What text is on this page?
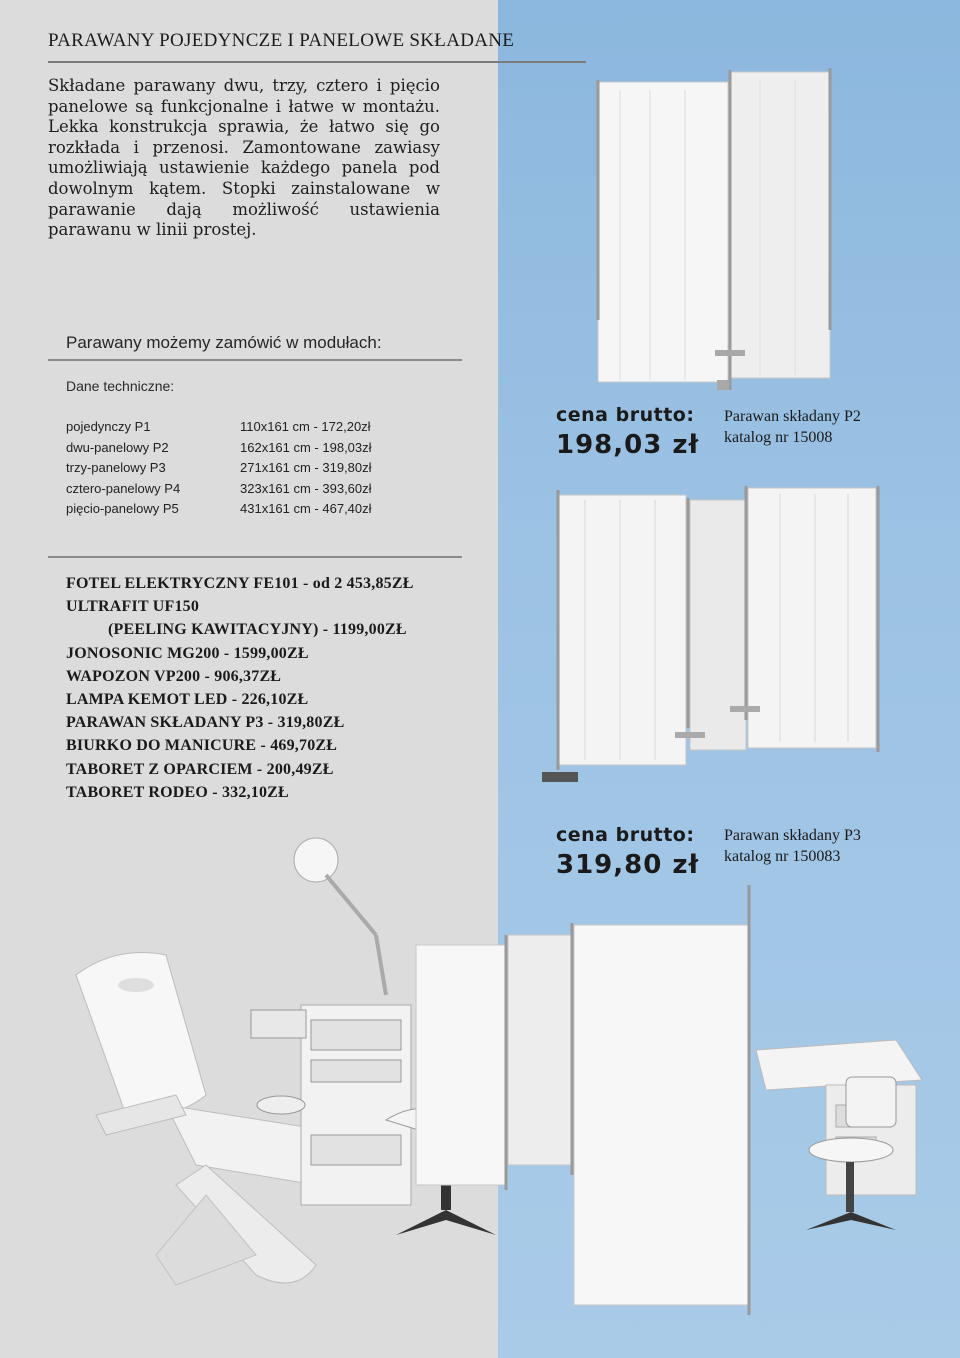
PARAWANY POJEDYNCZE I PANELOWE SKŁADANE

Składane parawany dwu, trzy, cztero i pięcio panelowe są funkcjonalne i łatwe w montażu. Lekka konstrukcja sprawia, że łatwo się go rozkłada i przenosi. Zamontowane zawiasy umożliwiają ustawienie każdego panela pod dowolnym kątem. Stopki zainstalowane w parawanie dają możliwość ustawienia parawanu w linii prostej.

Parawany możemy zamówić w modułach:
Dane techniczne:
pojedynczy P1
dwu-panelowy P2
trzy-panelowy P3
cztero-panelowy P4
pięcio-panelowy P5
110x161 cm - 172,20zł
162x161 cm - 198,03zł
271x161 cm - 319,80zł
323x161 cm - 393,60zł
431x161 cm - 467,40zł
FOTEL ELEKTRYCZNY FE101 - od 2 453,85ZŁ
ULTRAFIT UF150
(PEELING KAWITACYJNY) - 1199,00ZŁ
JONOSONIC MG200 - 1599,00ZŁ
WAPOZON VP200 - 906,37ZŁ
LAMPA KEMOT LED - 226,10ZŁ
PARAWAN SKŁADANY P3 - 319,80ZŁ
BIURKO DO MANICURE - 469,70ZŁ
TABORET Z OPARCIEM - 200,49ZŁ
TABORET RODEO - 332,10ZŁ
cena brutto:
198,03 zł
Parawan składany P2
katalog nr 15008
cena brutto:
319,80 zł
Parawan składany P3
katalog nr 150083
